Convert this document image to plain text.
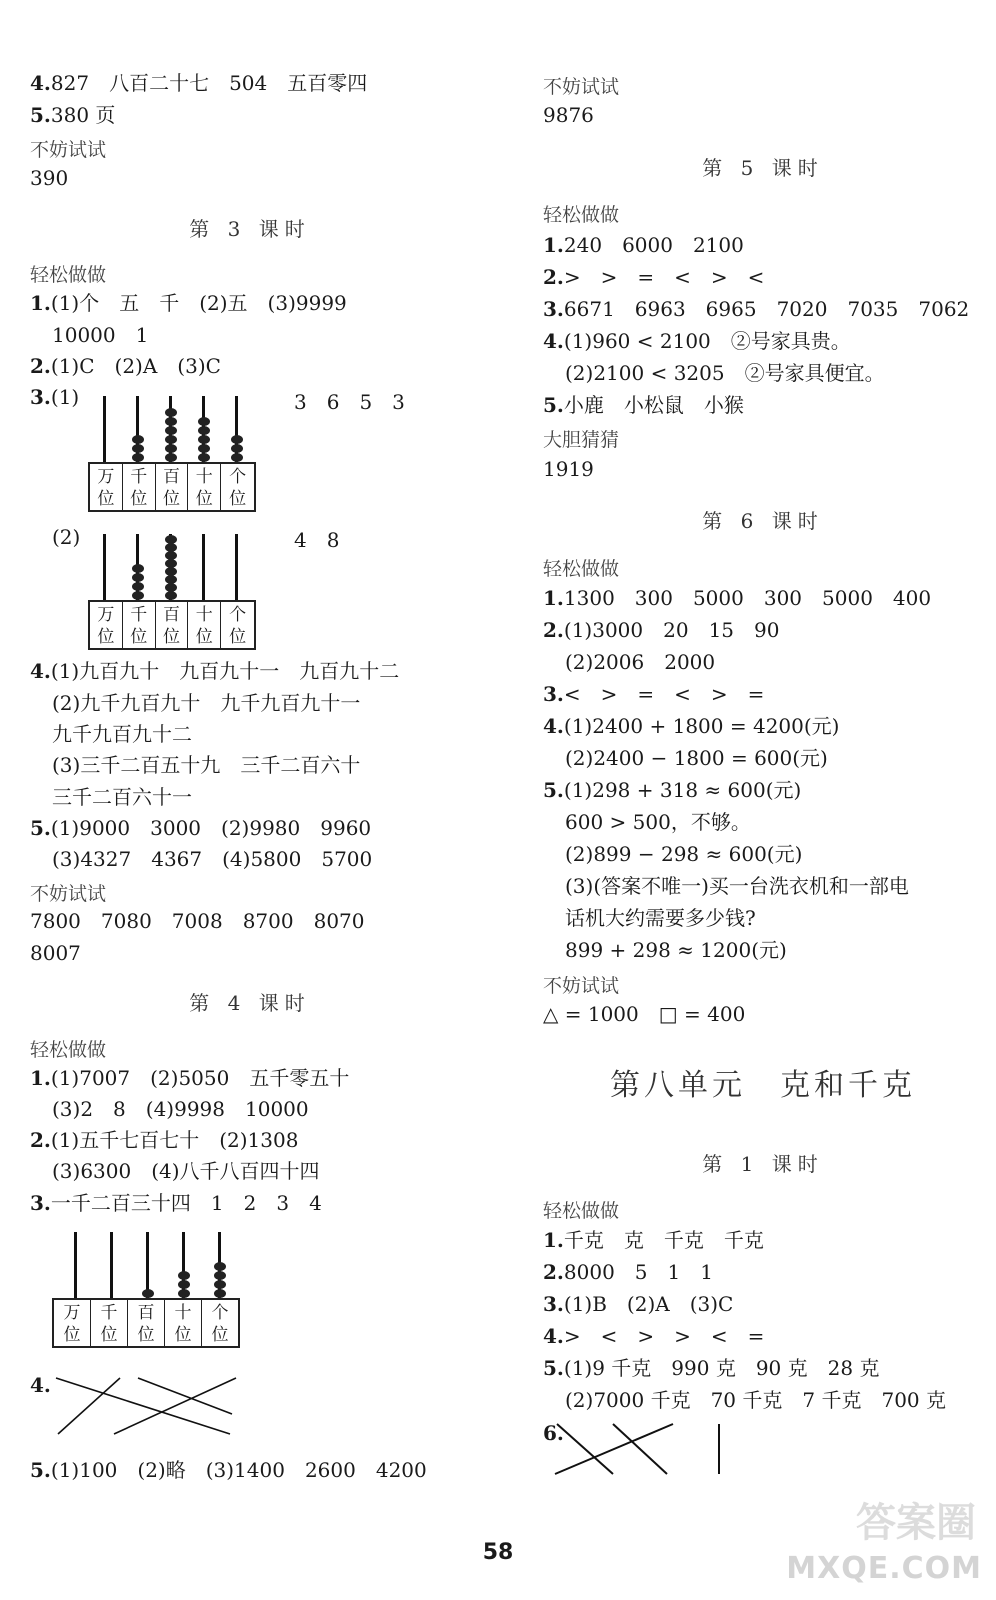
4.827　八百二十七　504　五百零四
5.380 页
不妨试试
390
第 3 课时
轻松做做
1.(1)个　五　千　(2)五　(3)9999
10000　1
2.(1)C　(2)A　(3)C
3.(1)
万
位
千
位
百
位
十
位
个
位
3　6　5　3
(2)
万
位
千
位
百
位
十
位
个
位
4　8
4.(1)九百九十　九百九十一　九百九十二
(2)九千九百九十　九千九百九十一
九千九百九十二
(3)三千二百五十九　三千二百六十
三千二百六十一
5.(1)9000　3000　(2)9980　9960
(3)4327　4367　(4)5800　5700
不妨试试
7800　7080　7008　8700　8070
8007
第 4 课时
轻松做做
1.(1)7007　(2)5050　五千零五十
(3)2　8　(4)9998　10000
2.(1)五千七百七十　(2)1308
(3)6300　(4)八千八百四十四
3.一千二百三十四　1　2　3　4
万
位
千
位
百
位
十
位
个
位
4.
5.(1)100　(2)略　(3)1400　2600　4200
不妨试试
9876
第 5 课时
轻松做做
1.240　6000　2100
2.>　>　=　<　>　<
3.6671　6963　6965　7020　7035　7062
4.(1)960 < 2100　②号家具贵。
(2)2100 < 3205　②号家具便宜。
5.小鹿　小松鼠　小猴
大胆猜猜
1919
第 6 课时
轻松做做
1.1300　300　5000　300　5000　400
2.(1)3000　20　15　90
(2)2006　2000
3.<　>　=　<　>　=
4.(1)2400 + 1800 = 4200(元)
(2)2400 − 1800 = 600(元)
5.(1)298 + 318 ≈ 600(元)
600 > 500，不够。
(2)899 − 298 ≈ 600(元)
(3)(答案不唯一)买一台洗衣机和一部电
话机大约需要多少钱?
899 + 298 ≈ 1200(元)
不妨试试
△ = 1000　□ = 400
第八单元　克和千克
第 1 课时
轻松做做
1.千克　克　千克　千克
2.8000　5　1　1
3.(1)B　(2)A　(3)C
4.>　<　>　>　<　=
5.(1)9 千克　990 克　90 克　28 克
(2)7000 千克　70 千克　7 千克　700 克
6.
58
答案圈
MXQE.COM
